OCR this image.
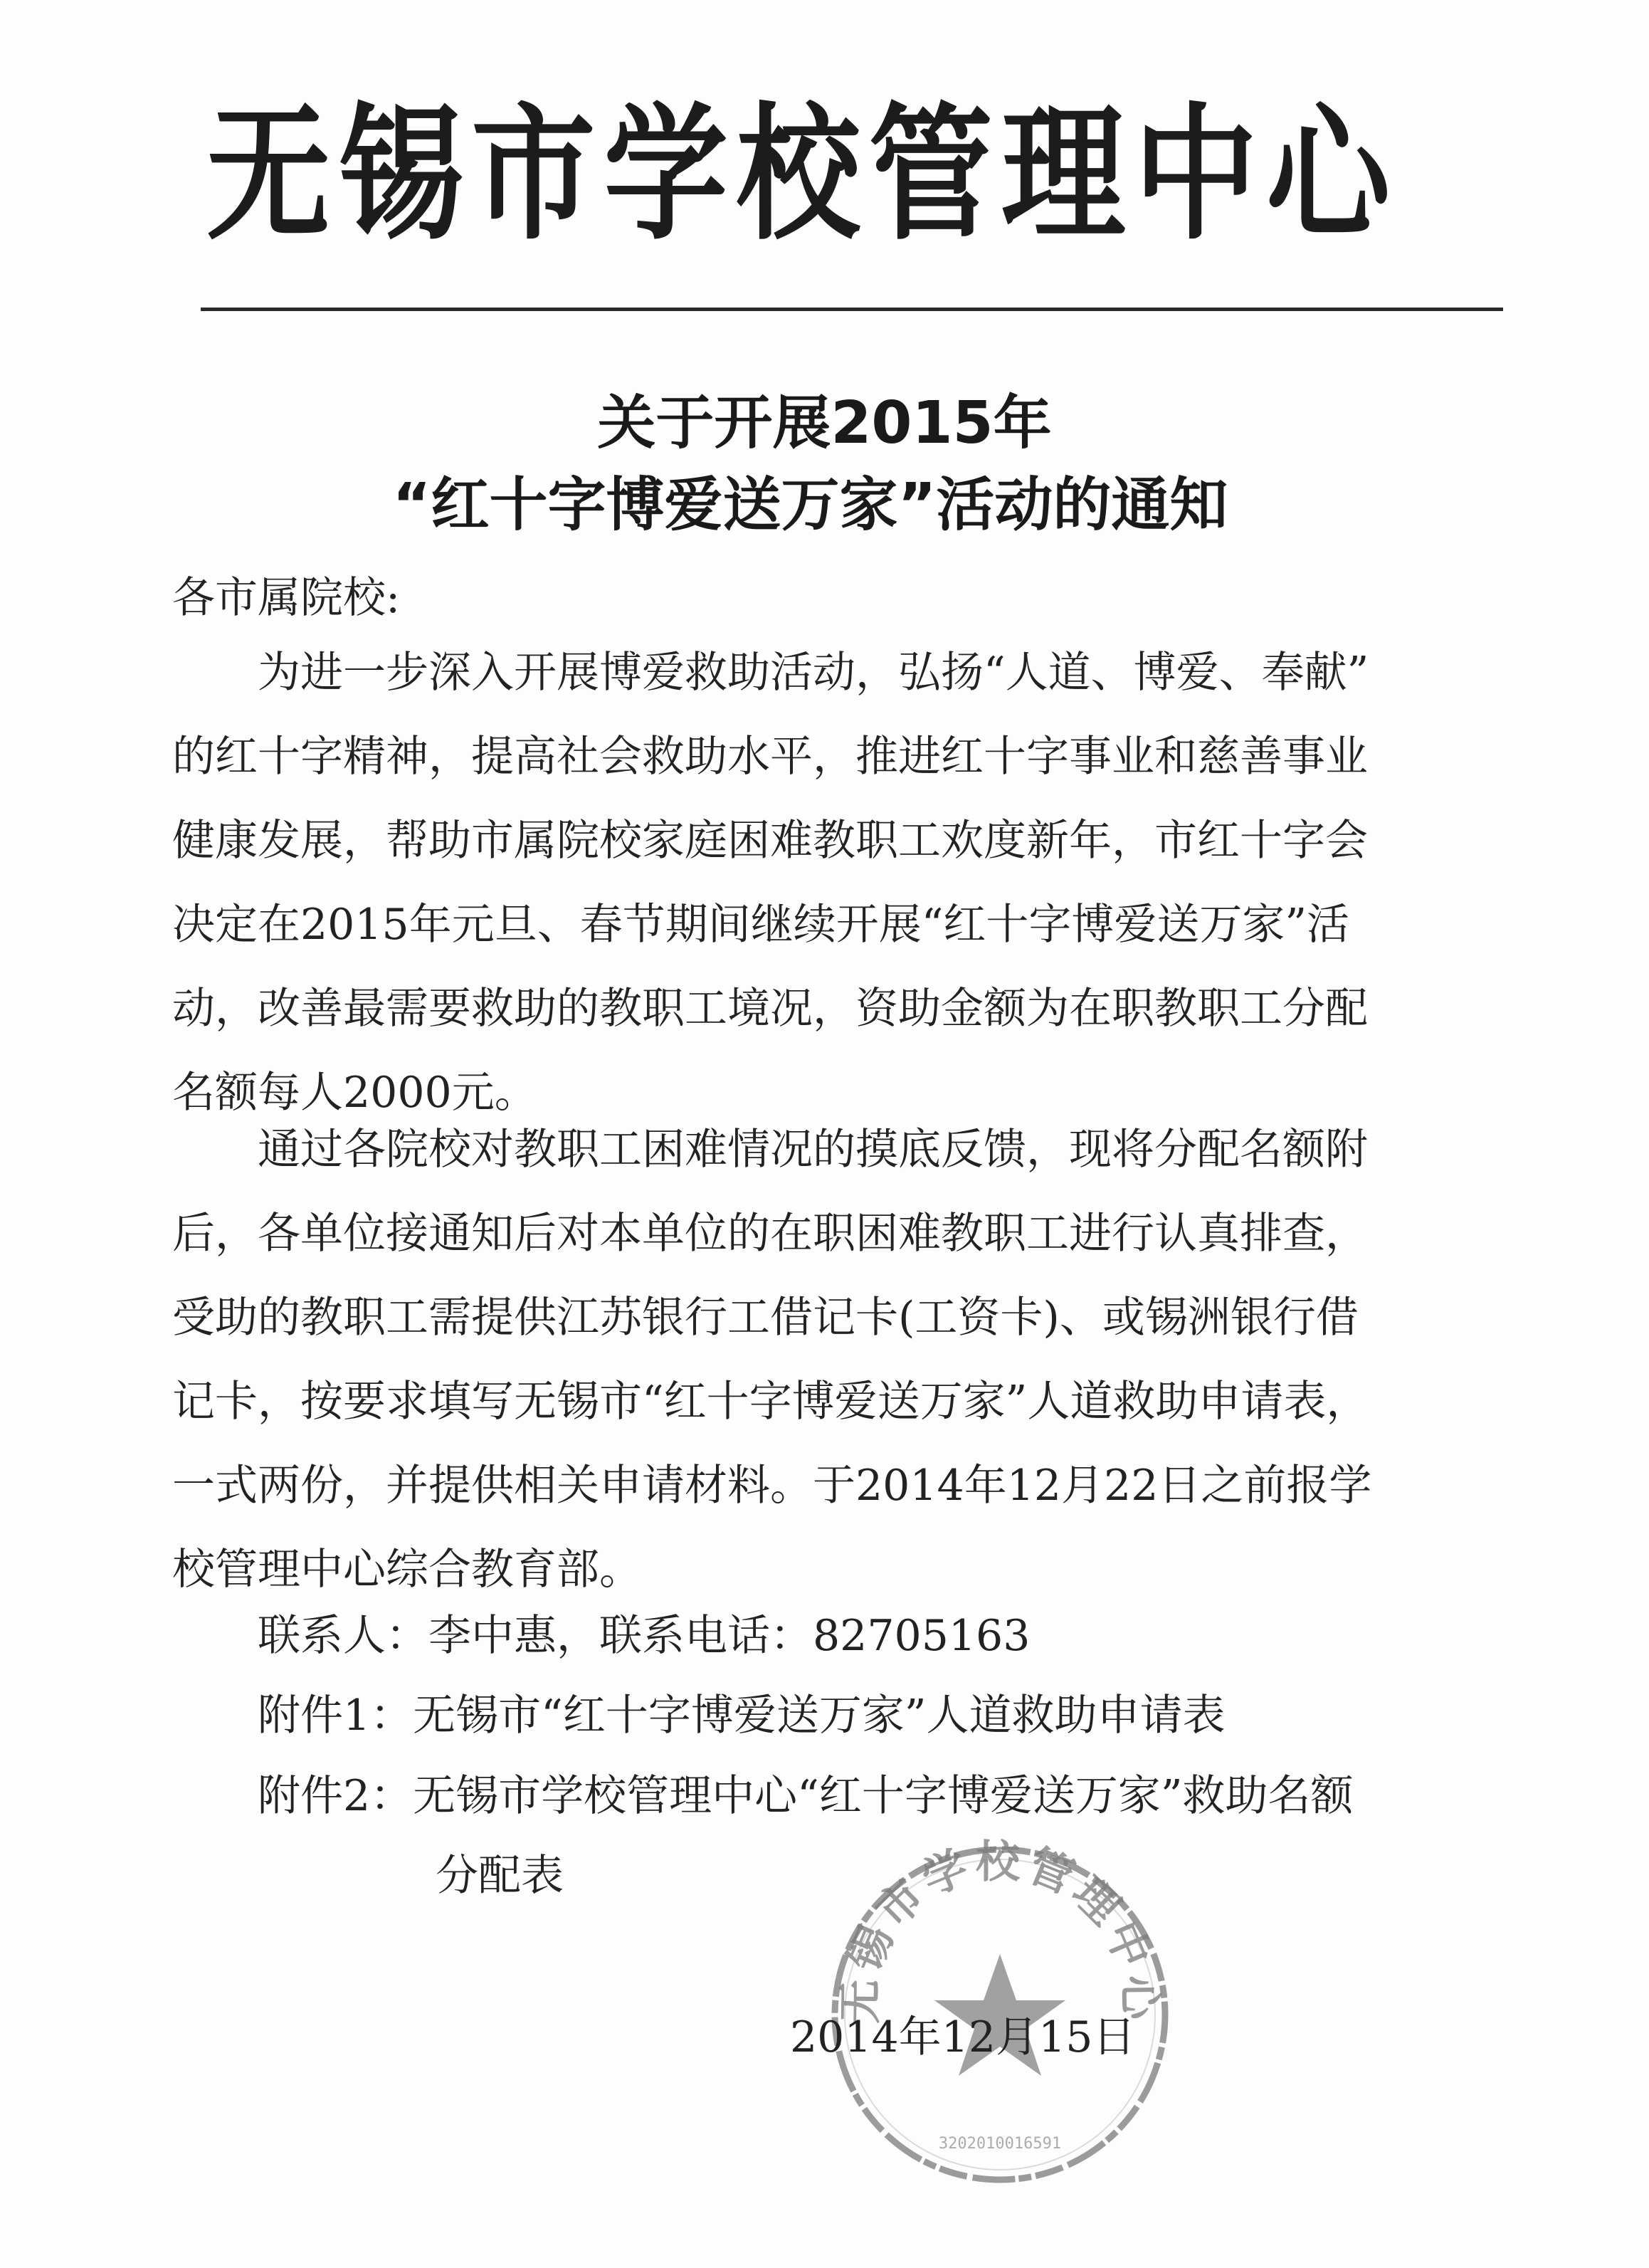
无锡市学校管理中心
关于开展2015年
“红十字博爱送万家”活动的通知
各市属院校:
　　为进一步深入开展博爱救助活动，弘扬“人道、博爱、奉献”
的红十字精神，提高社会救助水平，推进红十字事业和慈善事业
健康发展，帮助市属院校家庭困难教职工欢度新年，市红十字会
决定在2015年元旦、春节期间继续开展“红十字博爱送万家”活
动，改善最需要救助的教职工境况，资助金额为在职教职工分配
名额每人2000元。
　　通过各院校对教职工困难情况的摸底反馈，现将分配名额附
后，各单位接通知后对本单位的在职困难教职工进行认真排查，
受助的教职工需提供江苏银行工借记卡(工资卡)、或锡洲银行借
记卡，按要求填写无锡市“红十字博爱送万家”人道救助申请表，
一式两份，并提供相关申请材料。于2014年12月22日之前报学
校管理中心综合教育部。
　　联系人：李中惠，联系电话：82705163
　　附件1：无锡市“红十字博爱送万家”人道救助申请表
　　附件2：无锡市学校管理中心“红十字博爱送万家”救助名额
分配表
无锡市学校管理中心
3202010016591
2014年12月15日
